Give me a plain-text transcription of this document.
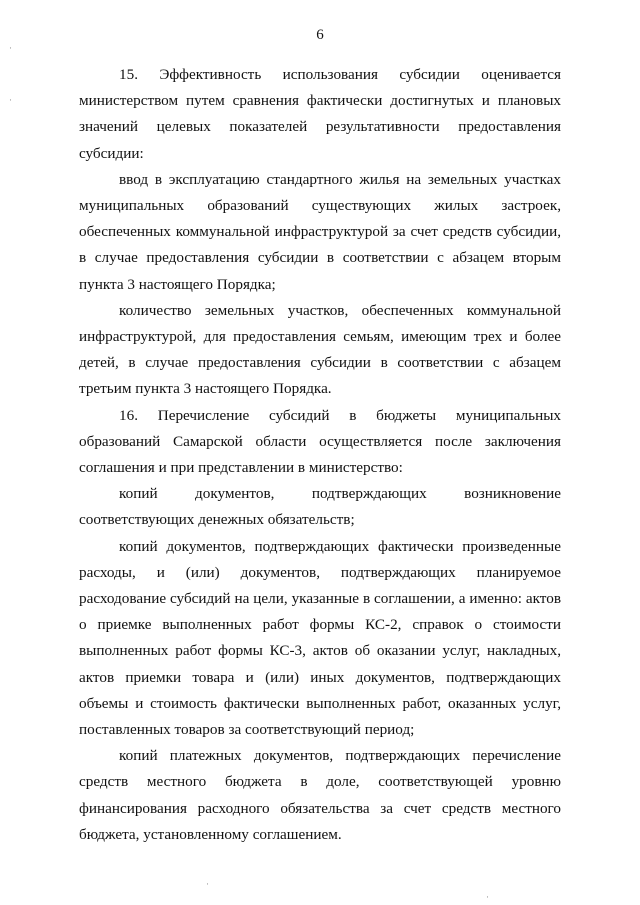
6

15. Эффективность использования субсидии оценивается министерством путем сравнения фактически достигнутых и плановых значений целевых показателей результативности предоставления субсидии:

ввод в эксплуатацию стандартного жилья на земельных участках муниципальных образований существующих жилых застроек, обеспеченных коммунальной инфраструктурой за счет средств субсидии, в случае предоставления субсидии в соответствии с абзацем вторым пункта 3 настоящего Порядка;

количество земельных участков, обеспеченных коммунальной инфраструктурой, для предоставления семьям, имеющим трех и более детей, в случае предоставления субсидии в соответствии с абзацем третьим пункта 3 настоящего Порядка.

16. Перечисление субсидий в бюджеты муниципальных образований Самарской области осуществляется после заключения соглашения и при представлении в министерство:

копий документов, подтверждающих возникновение соответствующих денежных обязательств;

копий документов, подтверждающих фактически произведенные расходы, и (или) документов, подтверждающих планируемое расходование субсидий на цели, указанные в соглашении, а именно: актов о приемке выполненных работ формы КС-2, справок о стоимости выполненных работ формы КС-3, актов об оказании услуг, накладных, актов приемки товара и (или) иных документов, подтверждающих объемы и стоимость фактически выполненных работ, оказанных услуг, поставленных товаров за соответствующий период;

копий платежных документов, подтверждающих перечисление средств местного бюджета в доле, соответствующей уровню финансирования расходного обязательства за счет средств местного бюджета, установленному соглашением.

·
·
·
·
